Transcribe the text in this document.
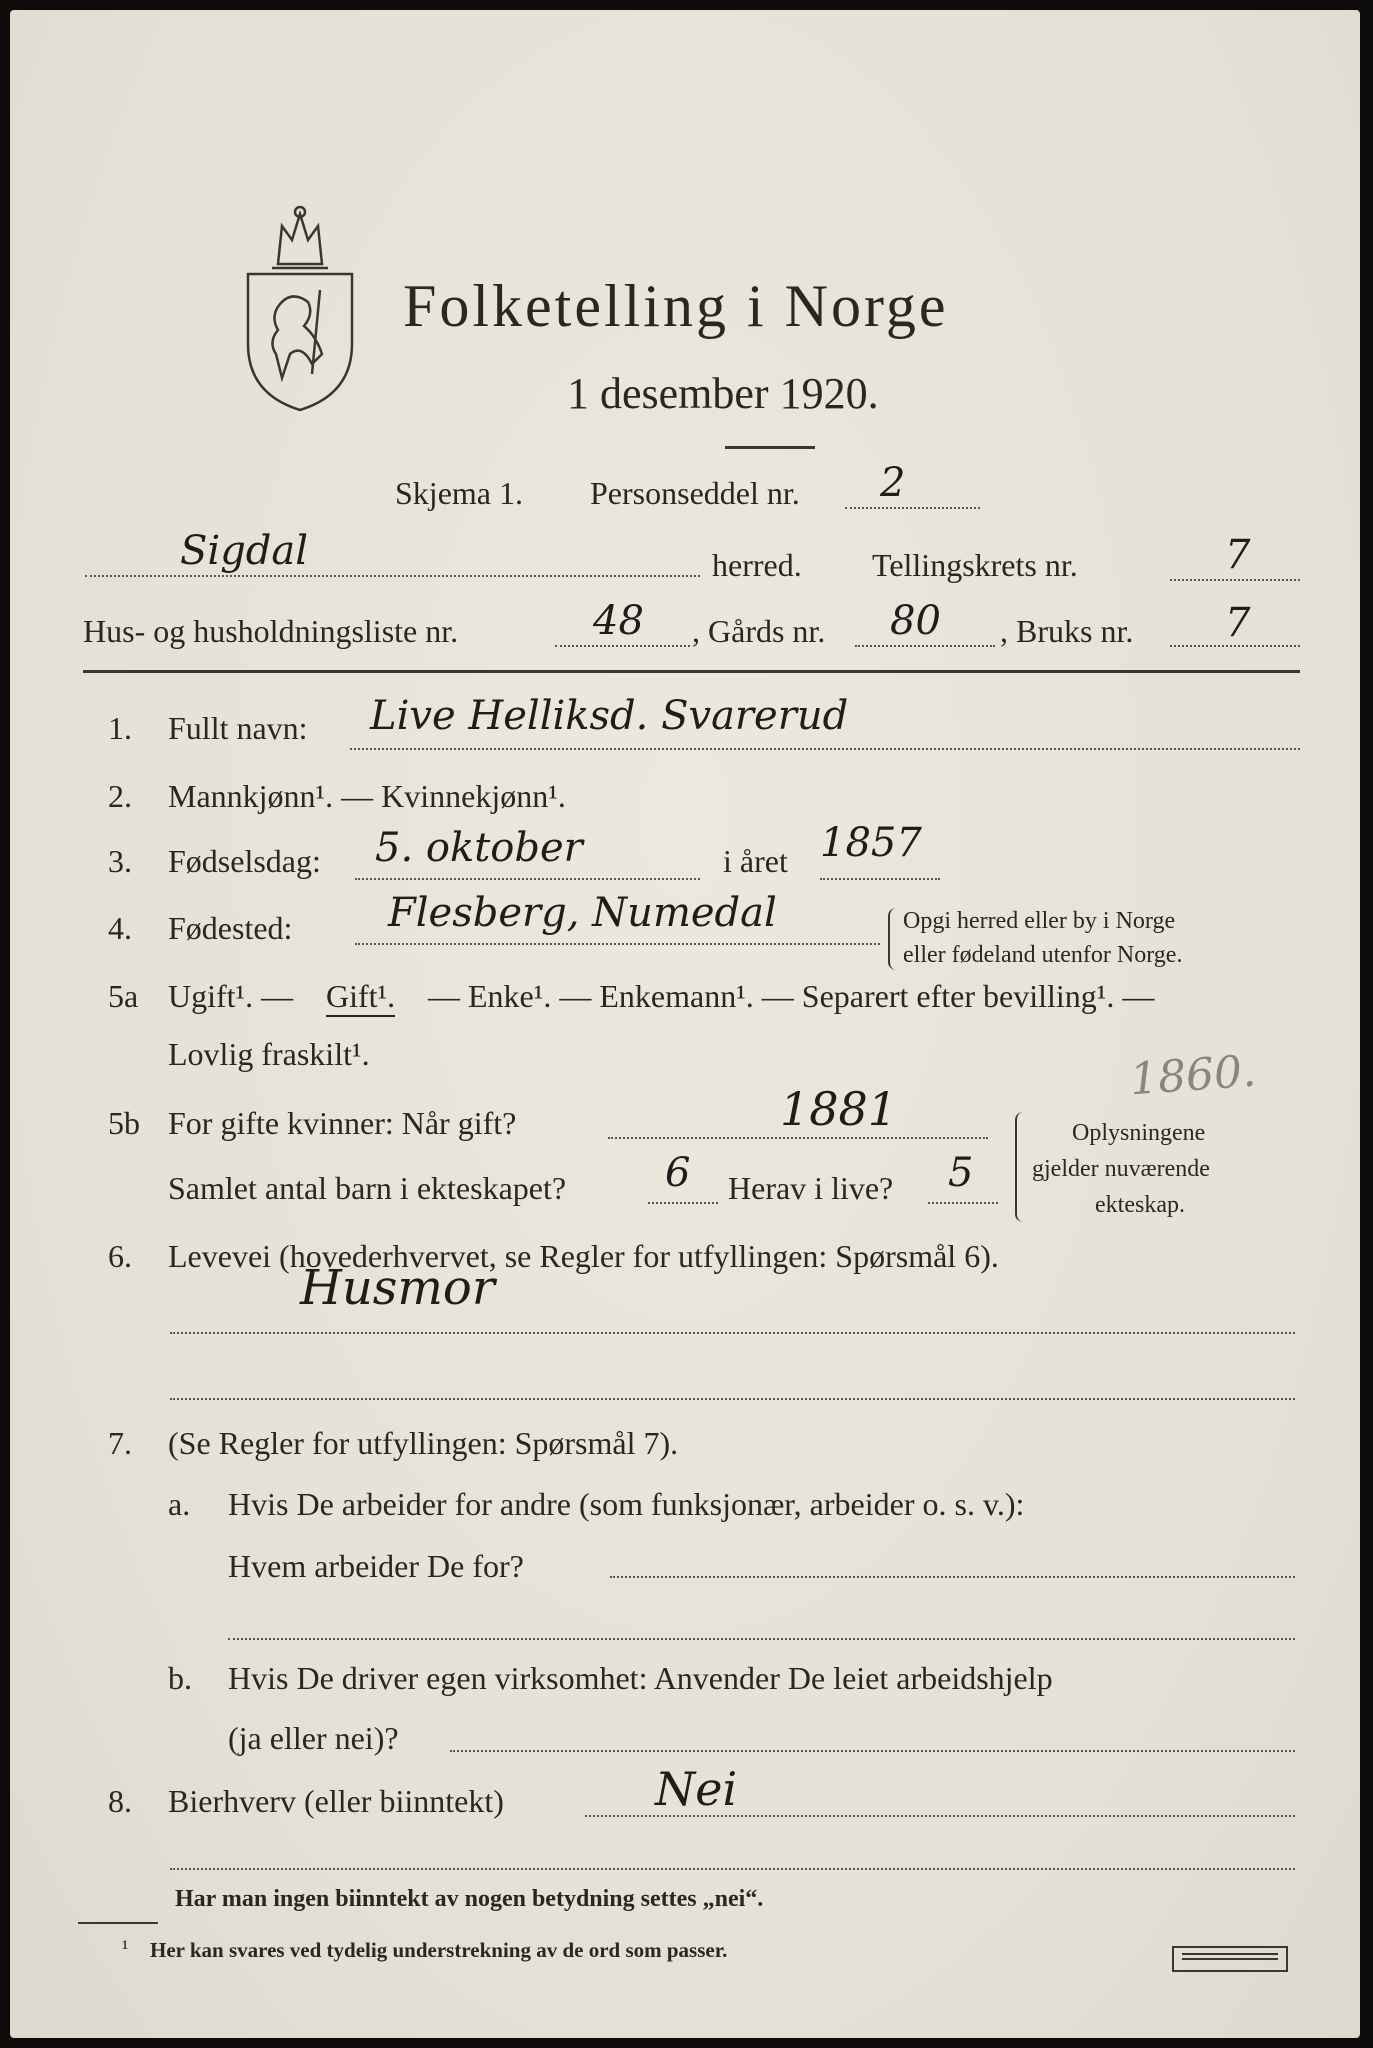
Folketelling i Norge
1 desember 1920.
Skjema 1. Personseddel nr. 2
Sigdal	herred. Tellingskrets nr.	7
Hus- og husholdningsliste nr.	48 , Gårds nr. 80 , Bruks nr. 7
1. Fullt navn: Live Helliksd. Svarerud
2. Mannkjønn¹. — Kvinnekjønn¹.
3. Fødselsdag: 5. oktober	i året 1857
4. Fødested: Flesberg, Numedal	Opgi herred eller by i Norge
eller fødeland utenfor Norge.
5a Ugift¹. — Gift¹. — Enke¹. — Enkemann¹. — Separert efter bevilling¹. —
Lovlig fraskilt¹.
5b For gifte kvinner: Når gift?	1881
1860.
Samlet antal barn i ekteskapet? 6 Herav i live? 5
Oplysningene
gjelder nuværende
ekteskap.
6. Levevei (hovederhvervet, se Regler for utfyllingen: Spørsmål 6).
Husmor
7. (Se Regler for utfyllingen: Spørsmål 7).
a. Hvis De arbeider for andre (som funksjonær, arbeider o. s. v.):
Hvem arbeider De for?
b. Hvis De driver egen virksomhet: Anvender De leiet arbeidshjelp
(ja eller nei)?
8. Bierhverv (eller biinntekt)	Nei
Har man ingen biinntekt av nogen betydning settes „nei“.
¹ Her kan svares ved tydelig understrekning av de ord som passer.
